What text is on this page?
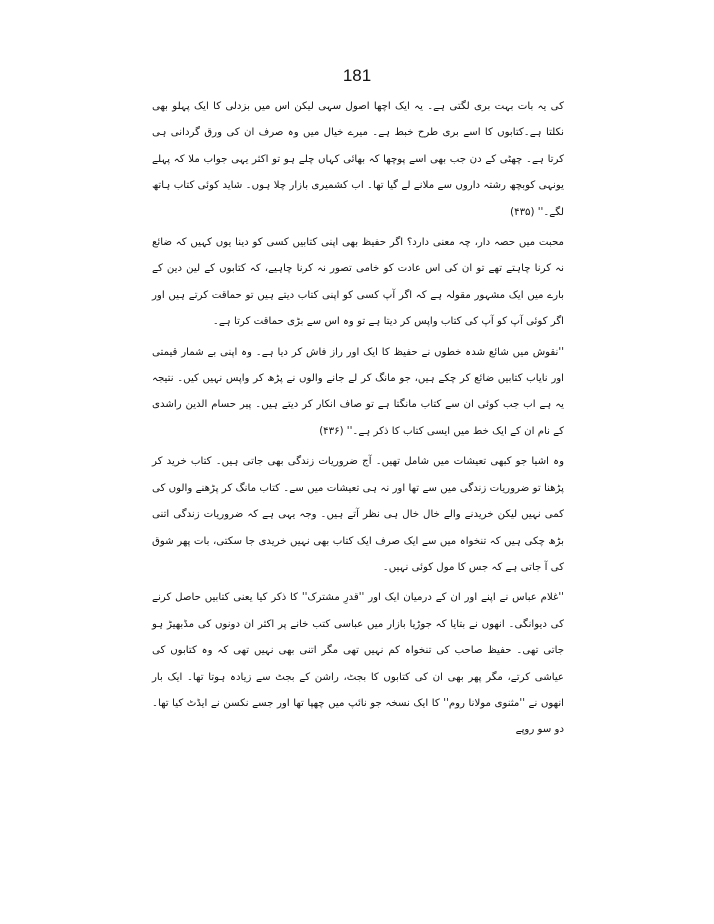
181

کی یہ بات بہت بری لگتی ہے۔ یہ ایک اچھا اصول سہی لیکن اس میں بزدلی کا ایک پہلو بھی نکلتا ہے۔کتابوں کا اسے بری طرح خبط ہے۔ میرے خیال میں وہ صرف ان کی ورق گردانی ہی کرتا ہے۔ چھٹی کے دن جب بھی اسے پوچھا کہ بھائی کہاں چلے ہو تو اکثر یہی جواب ملا کہ پہلے یونہی کوبچھ رشتہ داروں سے ملانے لے گیا تھا۔ اب کشمیری بازار چلا ہوں۔ شاید کوئی کتاب ہاتھ لگے۔'' (۴۳۵)

محبت میں حصہ دار، چہ معنی دارد؟ اگر حفیظ بھی اپنی کتابیں کسی کو دینا یوں کہیں کہ ضائع نہ کرنا چاہتے تھے تو ان کی اس عادت کو خامی تصور نہ کرنا چاہیے، کہ کتابوں کے لین دین کے بارے میں ایک مشہور مقولہ ہے کہ اگر آپ کسی کو اپنی کتاب دیتے ہیں تو حماقت کرتے ہیں اور اگر کوئی آپ کو آپ کی کتاب واپس کر دیتا ہے تو وہ اس سے بڑی حماقت کرتا ہے۔

''نقوش میں شائع شدہ خطوں نے حفیظ کا ایک اور راز فاش کر دیا ہے۔ وہ اپنی بے شمار قیمتی اور نایاب کتابیں ضائع کر چکے ہیں، جو مانگ کر لے جانے والوں نے پڑھ کر واپس نہیں کیں۔ نتیجہ یہ ہے اب جب کوئی ان سے کتاب مانگتا ہے تو صاف انکار کر دیتے ہیں۔ پیر حسام الدین راشدی کے نام ان کے ایک خط میں ایسی کتاب کا ذکر ہے۔'' (۴۳۶)

وہ اشیا جو کبھی تعیشات میں شامل تھیں۔ آج ضروریات زندگی بھی جاتی ہیں۔ کتاب خرید کر پڑھنا تو ضروریات زندگی میں سے تھا اور نہ ہی تعیشات میں سے۔ کتاب مانگ کر پڑھنے والوں کی کمی نہیں لیکن خریدنے والے خال خال ہی نظر آتے ہیں۔ وجہ یہی ہے کہ ضروریات زندگی اتنی بڑھ چکی ہیں کہ تنخواہ میں سے ایک صرف ایک کتاب بھی نہیں خریدی جا سکتی، بات پھر شوق کی آ جاتی ہے کہ جس کا مول کوئی نہیں۔

''غلام عباس نے اپنے اور ان کے درمیان ایک اور ''قدرِ مشترک'' کا ذکر کیا یعنی کتابیں حاصل کرنے کی دیوانگی۔ انھوں نے بتایا کہ جوڑیا بازار میں عباسی کتب خانے پر اکثر ان دونوں کی مڈبھیڑ ہو جاتی تھی۔ حفیظ صاحب کی تنخواہ کم نہیں تھی مگر اتنی بھی نہیں تھی کہ وہ کتابوں کی عیاشی کرتے، مگر پھر بھی ان کی کتابوں کا بجٹ، راشن کے بجٹ سے زیادہ ہوتا تھا۔ ایک بار انھوں نے ''مثنوی مولانا روم'' کا ایک نسخہ جو نائپ میں چھپا تھا اور جسے نکسن نے ایڈٹ کیا تھا۔ دو سو روپے
